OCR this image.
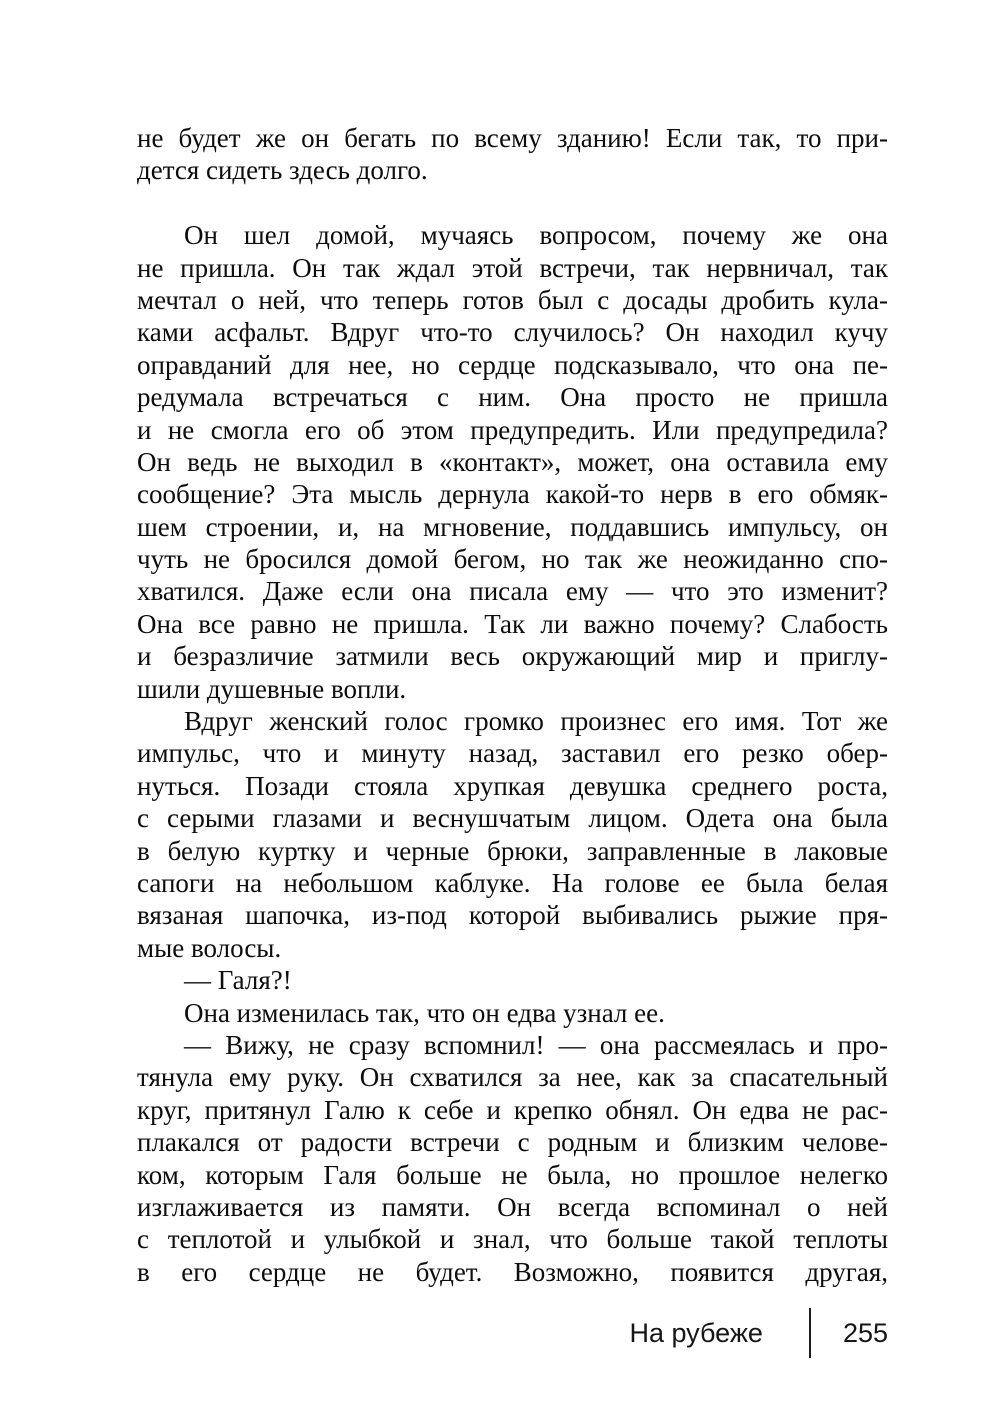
не будет же он бегать по всему зданию! Если так, то при-
дется сидеть здесь долго.
Он шел домой, мучаясь вопросом, почему же она
не пришла. Он так ждал этой встречи, так нервничал, так
мечтал о ней, что теперь готов был с досады дробить кула-
ками асфальт. Вдруг что-то случилось? Он находил кучу
оправданий для нее, но сердце подсказывало, что она пе-
редумала встречаться с ним. Она просто не пришла
и не смогла его об этом предупредить. Или предупредила?
Он ведь не выходил в «контакт», может, она оставила ему
сообщение? Эта мысль дернула какой-то нерв в его обмяк-
шем строении, и, на мгновение, поддавшись импульсу, он
чуть не бросился домой бегом, но так же неожиданно спо-
хватился. Даже если она писала ему — что это изменит?
Она все равно не пришла. Так ли важно почему? Слабость
и безразличие затмили весь окружающий мир и приглу-
шили душевные вопли.
Вдруг женский голос громко произнес его имя. Тот же
импульс, что и минуту назад, заставил его резко обер-
нуться. Позади стояла хрупкая девушка среднего роста,
с серыми глазами и веснушчатым лицом. Одета она была
в белую куртку и черные брюки, заправленные в лаковые
сапоги на небольшом каблуке. На голове ее была белая
вязаная шапочка, из-под которой выбивались рыжие пря-
мые волосы.
— Галя?!
Она изменилась так, что он едва узнал ее.
— Вижу, не сразу вспомнил! — она рассмеялась и про-
тянула ему руку. Он схватился за нее, как за спасательный
круг, притянул Галю к себе и крепко обнял. Он едва не рас-
плакался от радости встречи с родным и близким челове-
ком, которым Галя больше не была, но прошлое нелегко
изглаживается из памяти. Он всегда вспоминал о ней
с теплотой и улыбкой и знал, что больше такой теплоты
в его сердце не будет. Возможно, появится другая,
На рубеже	255
